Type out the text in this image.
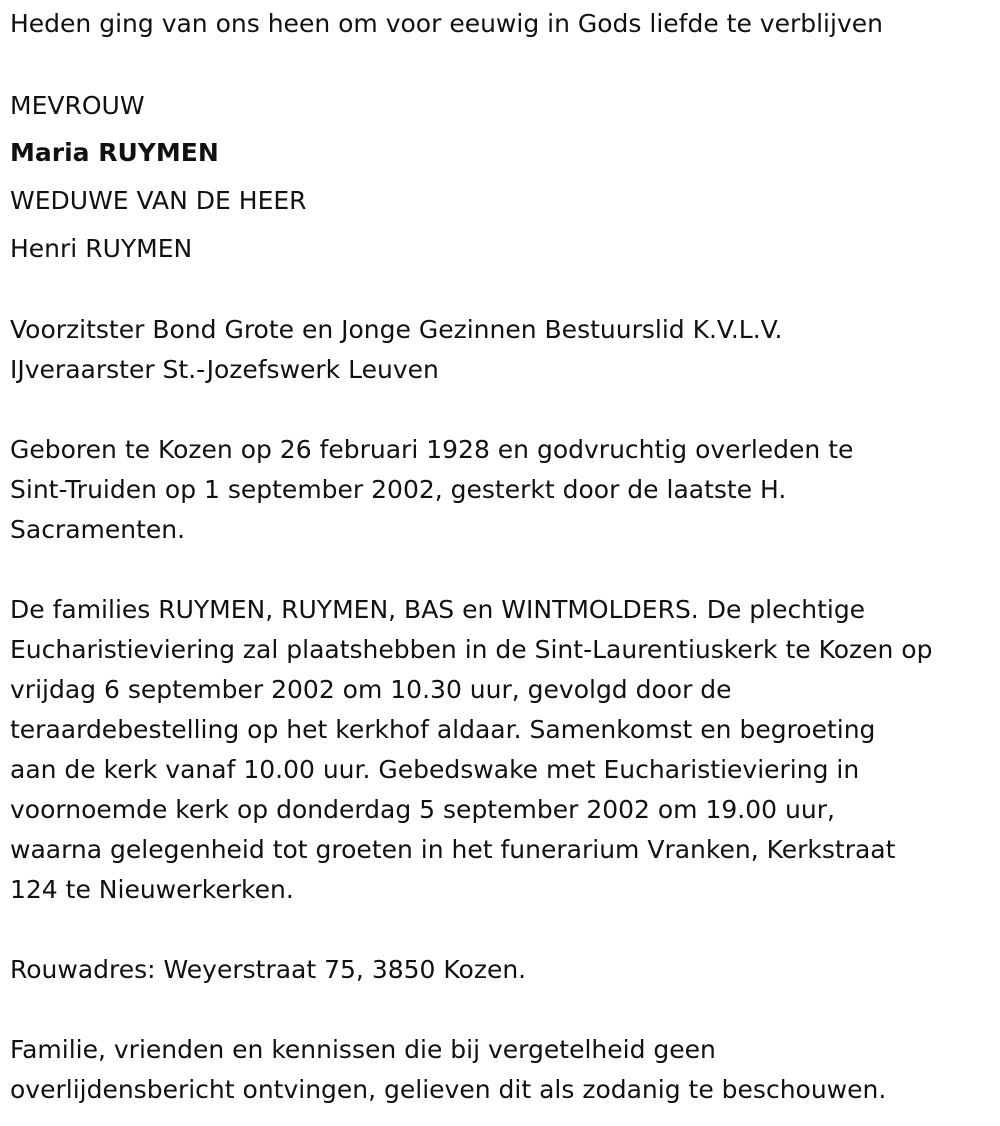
Heden ging van ons heen om voor eeuwig in Gods liefde te verblijven
MEVROUW
Maria RUYMEN
WEDUWE VAN DE HEER
Henri RUYMEN
Voorzitster Bond Grote en Jonge Gezinnen Bestuurslid K.V.L.V.
IJveraarster St.-Jozefswerk Leuven
Geboren te Kozen op 26 februari 1928 en godvruchtig overleden te
Sint-Truiden op 1 september 2002, gesterkt door de laatste H.
Sacramenten.
De families RUYMEN, RUYMEN, BAS en WINTMOLDERS. De plechtige
Eucharistieviering zal plaatshebben in de Sint-Laurentiuskerk te Kozen op
vrijdag 6 september 2002 om 10.30 uur, gevolgd door de
teraardebestelling op het kerkhof aldaar. Samenkomst en begroeting
aan de kerk vanaf 10.00 uur. Gebedswake met Eucharistieviering in
voornoemde kerk op donderdag 5 september 2002 om 19.00 uur,
waarna gelegenheid tot groeten in het funerarium Vranken, Kerkstraat
124 te Nieuwerkerken.
Rouwadres: Weyerstraat 75, 3850 Kozen.
Familie, vrienden en kennissen die bij vergetelheid geen
overlijdensbericht ontvingen, gelieven dit als zodanig te beschouwen.
